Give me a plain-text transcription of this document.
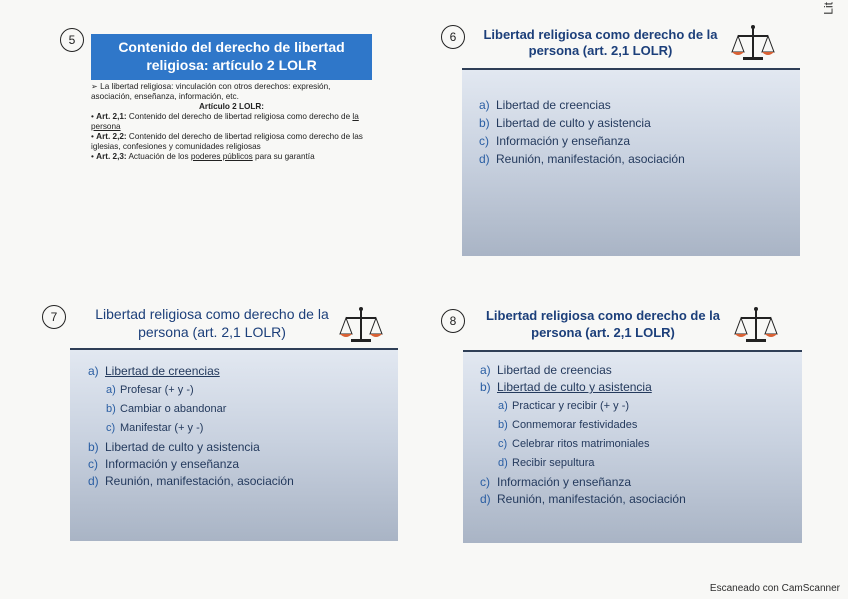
Lit
5	Contenido del derecho de libertad religiosa: artículo 2 LOLR

➢ La libertad religiosa: vinculación con otros derechos: expresión, asociación, enseñanza, información, etc.

Artículo 2 LOLR:

• Art. 2,1: Contenido del derecho de libertad religiosa como derecho de la persona

• Art. 2,2: Contenido del derecho de libertad religiosa como derecho de las iglesias, confesiones y comunidades religiosas

• Art. 2,3: Actuación de los poderes públicos para su garantía

6	Libertad religiosa como derecho de la persona (art. 2,1 LOLR)

a) Libertad de creencias

b) Libertad de culto y asistencia

c) Información y enseñanza

d) Reunión, manifestación, asociación

7	Libertad religiosa como derecho de la persona (art. 2,1 LOLR)

a) Libertad de creencias

a) Profesar (+ y -)

b) Cambiar o abandonar

c) Manifestar (+ y -)

b) Libertad de culto y asistencia

c) Información y enseñanza

d) Reunión, manifestación, asociación

8	Libertad religiosa como derecho de la persona (art. 2,1 LOLR)

a) Libertad de creencias

b) Libertad de culto y asistencia

a) Practicar y recibir (+ y -)

b) Conmemorar festividades

c) Celebrar ritos matrimoniales

d) Recibir sepultura

c) Información y enseñanza

d) Reunión, manifestación, asociación

Escaneado con CamScanner
